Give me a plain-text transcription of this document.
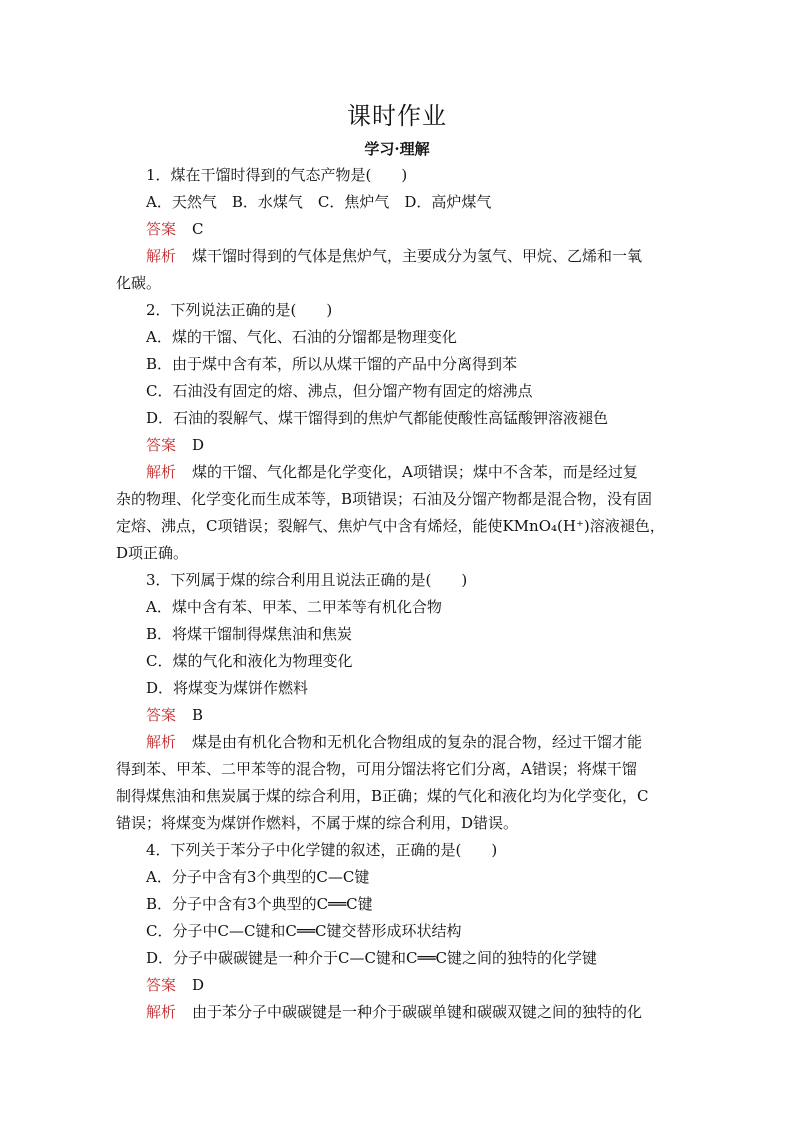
课时作业
学习·理解
1．煤在干馏时得到的气态产物是(　　)
A．天然气　B．水煤气　C．焦炉气　D．高炉煤气
答案 C
解析 煤干馏时得到的气体是焦炉气，主要成分为氢气、甲烷、乙烯和一氧
化碳。
2．下列说法正确的是(　　)
A．煤的干馏、气化、石油的分馏都是物理变化
B．由于煤中含有苯，所以从煤干馏的产品中分离得到苯
C．石油没有固定的熔、沸点，但分馏产物有固定的熔沸点
D．石油的裂解气、煤干馏得到的焦炉气都能使酸性高锰酸钾溶液褪色
答案 D
解析 煤的干馏、气化都是化学变化，A项错误；煤中不含苯，而是经过复
杂的物理、化学变化而生成苯等，B项错误；石油及分馏产物都是混合物，没有固
定熔、沸点，C项错误；裂解气、焦炉气中含有烯烃，能使KMnO₄(H⁺)溶液褪色，
D项正确。
3．下列属于煤的综合利用且说法正确的是(　　)
A．煤中含有苯、甲苯、二甲苯等有机化合物
B．将煤干馏制得煤焦油和焦炭
C．煤的气化和液化为物理变化
D．将煤变为煤饼作燃料
答案 B
解析 煤是由有机化合物和无机化合物组成的复杂的混合物，经过干馏才能
得到苯、甲苯、二甲苯等的混合物，可用分馏法将它们分离，A错误；将煤干馏
制得煤焦油和焦炭属于煤的综合利用，B正确；煤的气化和液化均为化学变化，C
错误；将煤变为煤饼作燃料，不属于煤的综合利用，D错误。
4．下列关于苯分子中化学键的叙述，正确的是(　　)
A．分子中含有3个典型的C—C键
B．分子中含有3个典型的C══C键
C．分子中C—C键和C══C键交替形成环状结构
D．分子中碳碳键是一种介于C—C键和C══C键之间的独特的化学键
答案 D
解析 由于苯分子中碳碳键是一种介于碳碳单键和碳碳双键之间的独特的化
